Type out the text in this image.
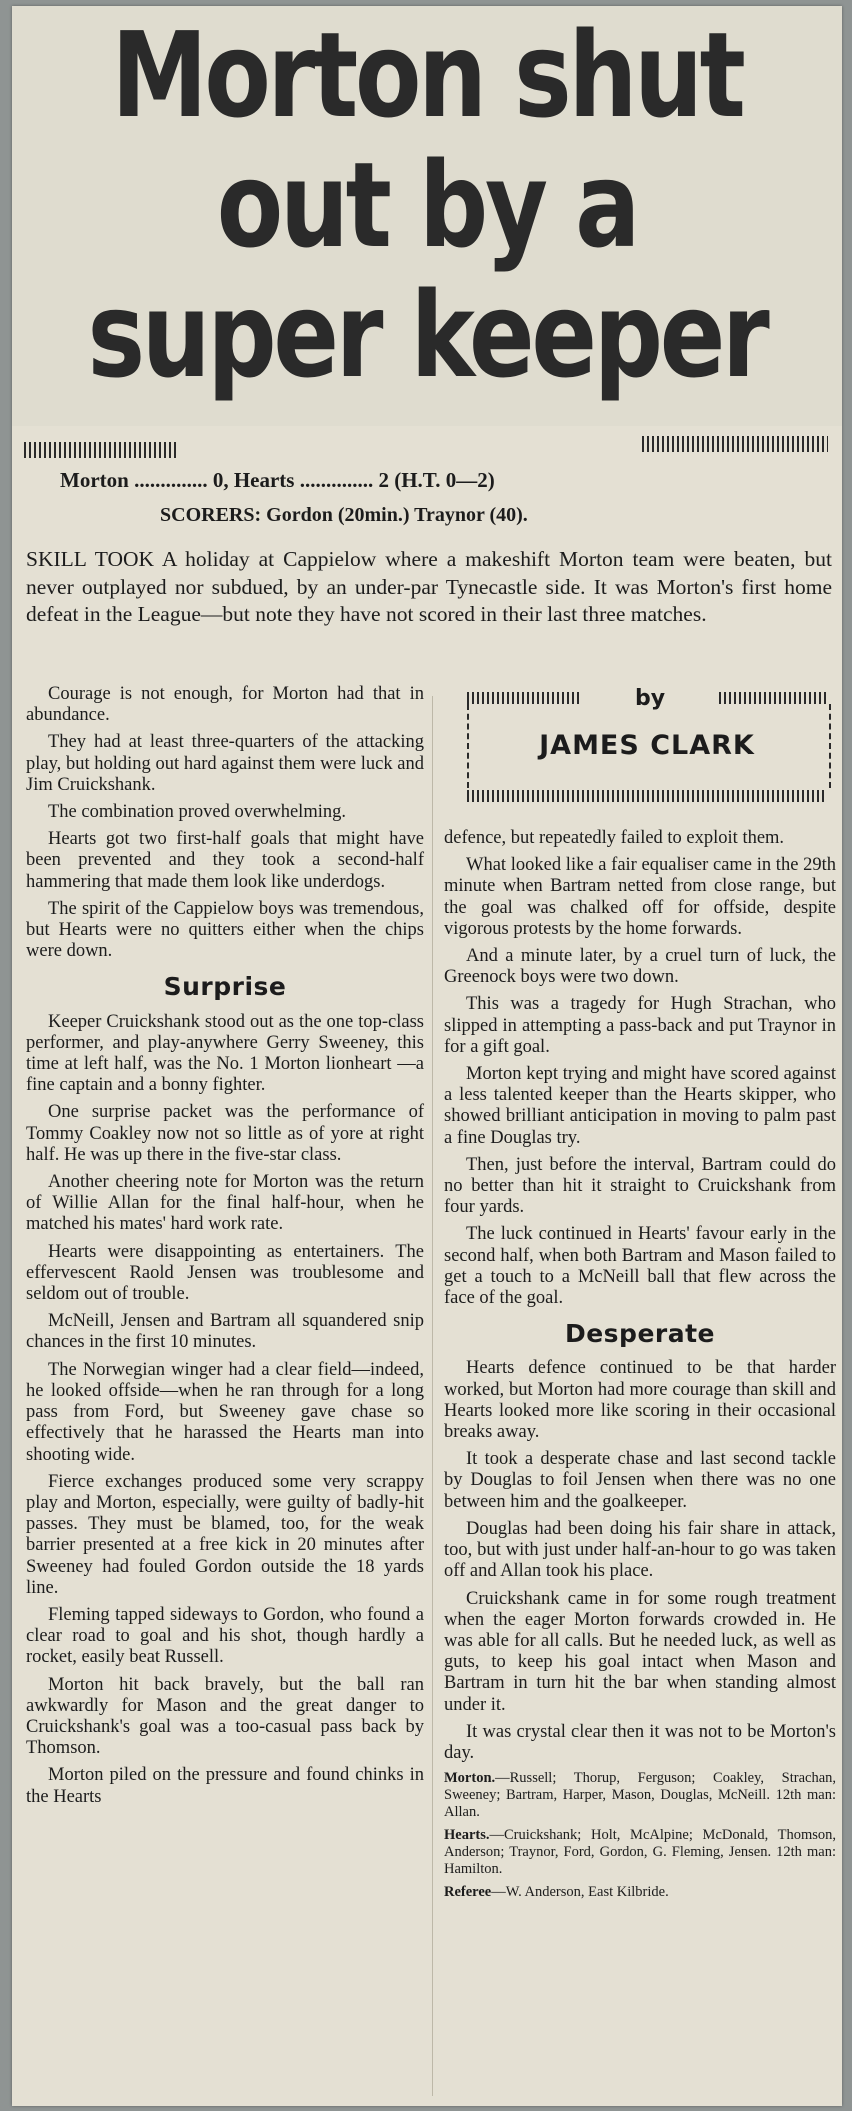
Morton shut
out by a
super keeper
Morton .............. 0, Hearts .............. 2 (H.T. 0—2)
SCORERS: Gordon (20min.) Traynor (40).
SKILL TOOK A holiday at Cappielow where a makeshift Morton team were beaten, but never outplayed nor subdued, by an under-par Tynecastle side. It was Morton's first home defeat in the League—but note they have not scored in their last three matches.
by
JAMES CLARK

Courage is not enough, for Morton had that in abundance.

They had at least three-quarters of the attacking play, but holding out hard against them were luck and Jim Cruickshank.

The combination proved overwhelming.

Hearts got two first-half goals that might have been prevented and they took a second-half hammering that made them look like underdogs.

The spirit of the Cappielow boys was tremendous, but Hearts were no quitters either when the chips were down.

Surprise

Keeper Cruickshank stood out as the one top-class performer, and play-anywhere Gerry Sweeney, this time at left half, was the No. 1 Morton lionheart —a fine captain and a bonny fighter.

One surprise packet was the performance of Tommy Coakley now not so little as of yore at right half. He was up there in the five-star class.

Another cheering note for Morton was the return of Willie Allan for the final half-hour, when he matched his mates' hard work rate.

Hearts were disappointing as entertainers. The effervescent Raold Jensen was troublesome and seldom out of trouble.

McNeill, Jensen and Bartram all squandered snip chances in the first 10 minutes.

The Norwegian winger had a clear field—indeed, he looked offside—when he ran through for a long pass from Ford, but Sweeney gave chase so effectively that he harassed the Hearts man into shooting wide.

Fierce exchanges produced some very scrappy play and Morton, especially, were guilty of badly-hit passes. They must be blamed, too, for the weak barrier presented at a free kick in 20 minutes after Sweeney had fouled Gordon outside the 18 yards line.

Fleming tapped sideways to Gordon, who found a clear road to goal and his shot, though hardly a rocket, easily beat Russell.

Morton hit back bravely, but the ball ran awkwardly for Mason and the great danger to Cruickshank's goal was a too-casual pass back by Thomson.

Morton piled on the pressure and found chinks in the Hearts

defence, but repeatedly failed to exploit them.

What looked like a fair equaliser came in the 29th minute when Bartram netted from close range, but the goal was chalked off for offside, despite vigorous protests by the home forwards.

And a minute later, by a cruel turn of luck, the Greenock boys were two down.

This was a tragedy for Hugh Strachan, who slipped in attempting a pass-back and put Traynor in for a gift goal.

Morton kept trying and might have scored against a less talented keeper than the Hearts skipper, who showed brilliant anticipation in moving to palm past a fine Douglas try.

Then, just before the interval, Bartram could do no better than hit it straight to Cruickshank from four yards.

The luck continued in Hearts' favour early in the second half, when both Bartram and Mason failed to get a touch to a McNeill ball that flew across the face of the goal.

Desperate

Hearts defence continued to be that harder worked, but Morton had more courage than skill and Hearts looked more like scoring in their occasional breaks away.

It took a desperate chase and last second tackle by Douglas to foil Jensen when there was no one between him and the goalkeeper.

Douglas had been doing his fair share in attack, too, but with just under half-an-hour to go was taken off and Allan took his place.

Cruickshank came in for some rough treatment when the eager Morton forwards crowded in. He was able for all calls. But he needed luck, as well as guts, to keep his goal intact when Mason and Bartram in turn hit the bar when standing almost under it.

It was crystal clear then it was not to be Morton's day.

Morton.—Russell; Thorup, Ferguson; Coakley, Strachan, Sweeney; Bartram, Harper, Mason, Douglas, McNeill. 12th man: Allan.

Hearts.—Cruickshank; Holt, McAlpine; McDonald, Thomson, Anderson; Traynor, Ford, Gordon, G. Fleming, Jensen. 12th man: Hamilton.

Referee—W. Anderson, East Kilbride.
